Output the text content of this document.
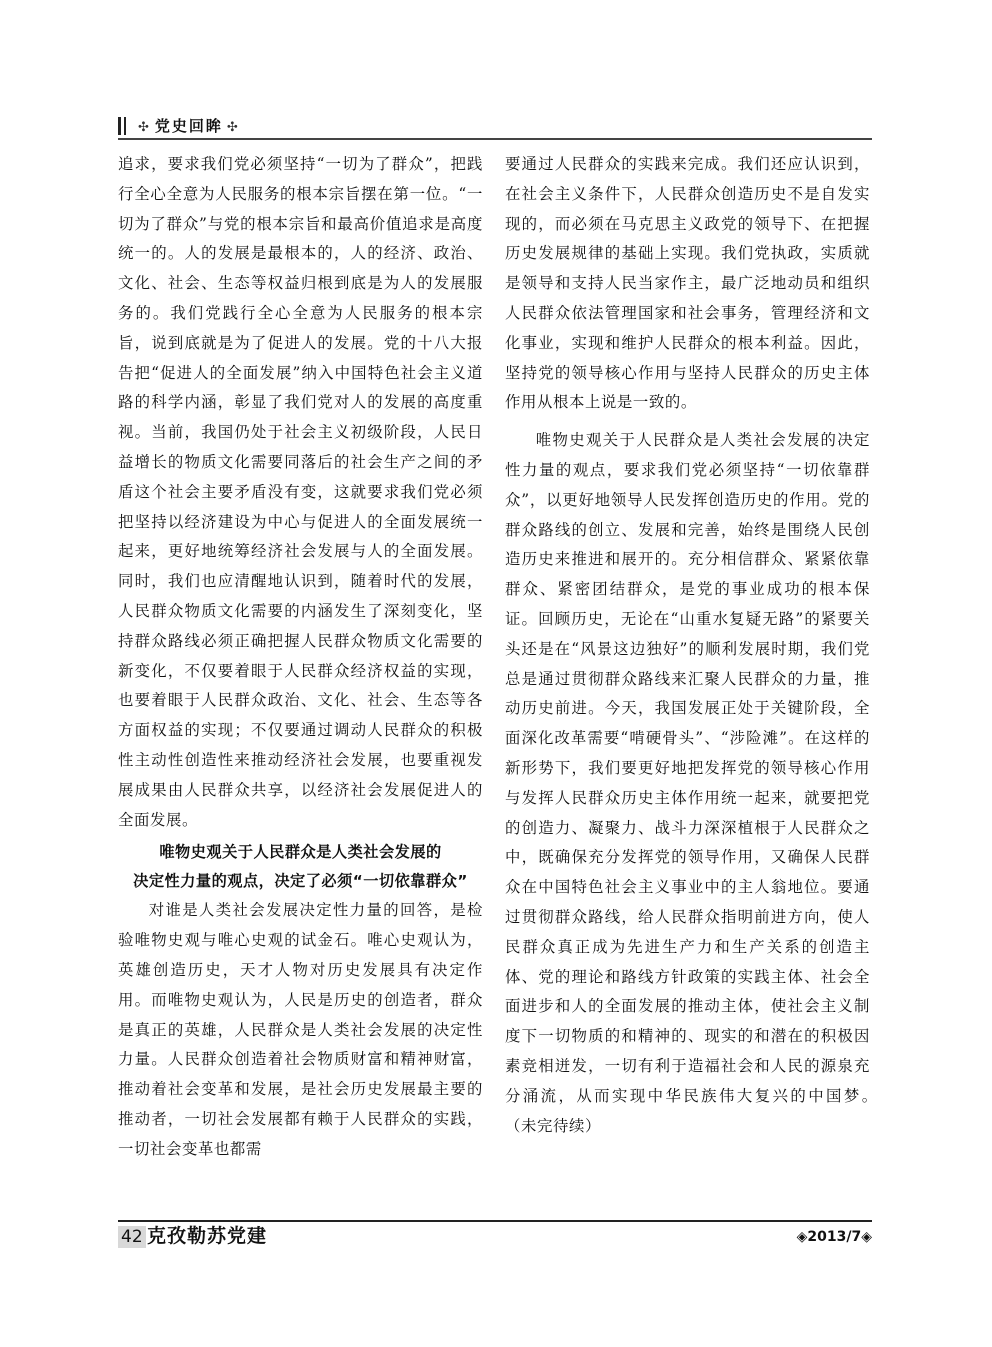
✣ 党史回眸 ✣

追求，要求我们党必须坚持“一切为了群众”，把践行全心全意为人民服务的根本宗旨摆在第一位。“一切为了群众”与党的根本宗旨和最高价值追求是高度统一的。人的发展是最根本的，人的经济、政治、文化、社会、生态等权益归根到底是为人的发展服务的。我们党践行全心全意为人民服务的根本宗旨，说到底就是为了促进人的发展。党的十八大报告把“促进人的全面发展”纳入中国特色社会主义道路的科学内涵，彰显了我们党对人的发展的高度重视。当前，我国仍处于社会主义初级阶段，人民日益增长的物质文化需要同落后的社会生产之间的矛盾这个社会主要矛盾没有变，这就要求我们党必须把坚持以经济建设为中心与促进人的全面发展统一起来，更好地统筹经济社会发展与人的全面发展。同时，我们也应清醒地认识到，随着时代的发展，人民群众物质文化需要的内涵发生了深刻变化，坚持群众路线必须正确把握人民群众物质文化需要的新变化，不仅要着眼于人民群众经济权益的实现，也要着眼于人民群众政治、文化、社会、生态等各方面权益的实现；不仅要通过调动人民群众的积极性主动性创造性来推动经济社会发展，也要重视发展成果由人民群众共享，以经济社会发展促进人的全面发展。

唯物史观关于人民群众是人类社会发展的
决定性力量的观点，决定了必须“一切依靠群众”

对谁是人类社会发展决定性力量的回答，是检验唯物史观与唯心史观的试金石。唯心史观认为，英雄创造历史，天才人物对历史发展具有决定作用。而唯物史观认为，人民是历史的创造者，群众是真正的英雄，人民群众是人类社会发展的决定性力量。人民群众创造着社会物质财富和精神财富，推动着社会变革和发展，是社会历史发展最主要的推动者，一切社会发展都有赖于人民群众的实践，一切社会变革也都需

要通过人民群众的实践来完成。我们还应认识到，在社会主义条件下，人民群众创造历史不是自发实现的，而必须在马克思主义政党的领导下、在把握历史发展规律的基础上实现。我们党执政，实质就是领导和支持人民当家作主，最广泛地动员和组织人民群众依法管理国家和社会事务，管理经济和文化事业，实现和维护人民群众的根本利益。因此，坚持党的领导核心作用与坚持人民群众的历史主体作用从根本上说是一致的。

唯物史观关于人民群众是人类社会发展的决定性力量的观点，要求我们党必须坚持“一切依靠群众”，以更好地领导人民发挥创造历史的作用。党的群众路线的创立、发展和完善，始终是围绕人民创造历史来推进和展开的。充分相信群众、紧紧依靠群众、紧密团结群众，是党的事业成功的根本保证。回顾历史，无论在“山重水复疑无路”的紧要关头还是在“风景这边独好”的顺利发展时期，我们党总是通过贯彻群众路线来汇聚人民群众的力量，推动历史前进。今天，我国发展正处于关键阶段，全面深化改革需要“啃硬骨头”、“涉险滩”。在这样的新形势下，我们要更好地把发挥党的领导核心作用与发挥人民群众历史主体作用统一起来，就要把党的创造力、凝聚力、战斗力深深植根于人民群众之中，既确保充分发挥党的领导作用，又确保人民群众在中国特色社会主义事业中的主人翁地位。要通过贯彻群众路线，给人民群众指明前进方向，使人民群众真正成为先进生产力和生产关系的创造主体、党的理论和路线方针政策的实践主体、社会全面进步和人的全面发展的推动主体，使社会主义制度下一切物质的和精神的、现实的和潜在的积极因素竞相迸发，一切有利于造福社会和人民的源泉充分涌流，从而实现中华民族伟大复兴的中国梦。　（未完待续）

42 克孜勒苏党建	◈2013/7◈
